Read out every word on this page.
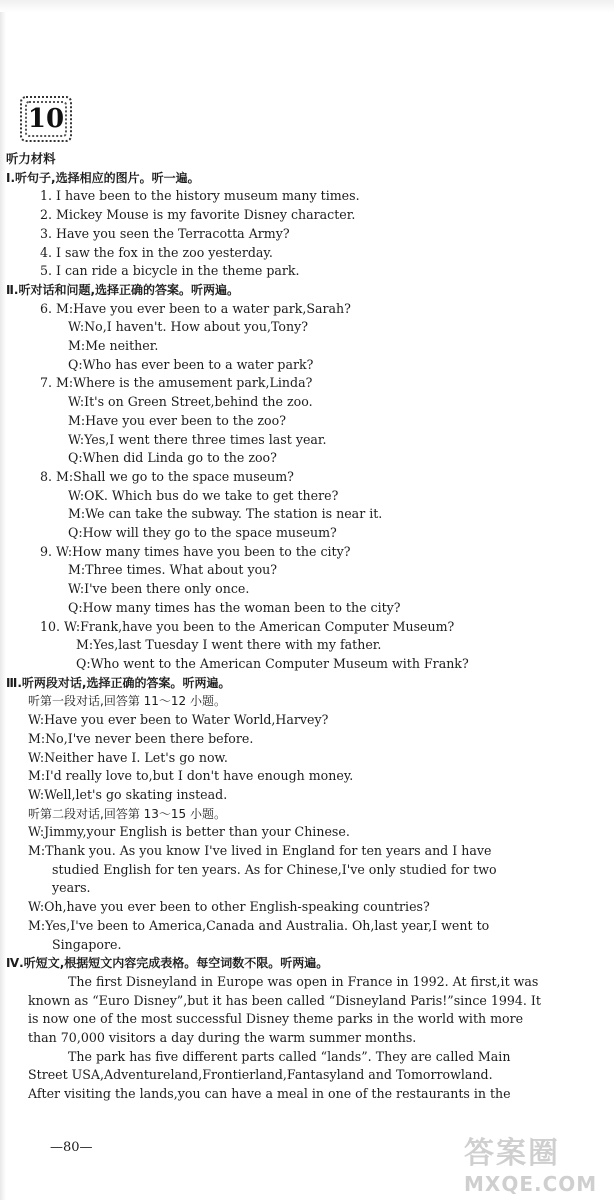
10
听力材料
Ⅰ.听句子,选择相应的图片。听一遍。
1. I have been to the history museum many times.
2. Mickey Mouse is my favorite Disney character.
3. Have you seen the Terracotta Army?
4. I saw the fox in the zoo yesterday.
5. I can ride a bicycle in the theme park.
Ⅱ.听对话和问题,选择正确的答案。听两遍。
6. M:Have you ever been to a water park,Sarah?
W:No,I haven't. How about you,Tony?
M:Me neither.
Q:Who has ever been to a water park?
7. M:Where is the amusement park,Linda?
W:It's on Green Street,behind the zoo.
M:Have you ever been to the zoo?
W:Yes,I went there three times last year.
Q:When did Linda go to the zoo?
8. M:Shall we go to the space museum?
W:OK. Which bus do we take to get there?
M:We can take the subway. The station is near it.
Q:How will they go to the space museum?
9. W:How many times have you been to the city?
M:Three times. What about you?
W:I've been there only once.
Q:How many times has the woman been to the city?
10. W:Frank,have you been to the American Computer Museum?
M:Yes,last Tuesday I went there with my father.
Q:Who went to the American Computer Museum with Frank?
Ⅲ.听两段对话,选择正确的答案。听两遍。
听第一段对话,回答第 11～12 小题。
W:Have you ever been to Water World,Harvey?
M:No,I've never been there before.
W:Neither have I. Let's go now.
M:I'd really love to,but I don't have enough money.
W:Well,let's go skating instead.
听第二段对话,回答第 13～15 小题。
W:Jimmy,your English is better than your Chinese.
M:Thank you. As you know I've lived in England for ten years and I have
studied English for ten years. As for Chinese,I've only studied for two
years.
W:Oh,have you ever been to other English-speaking countries?
M:Yes,I've been to America,Canada and Australia. Oh,last year,I went to
Singapore.
Ⅳ.听短文,根据短文内容完成表格。每空词数不限。听两遍。
The first Disneyland in Europe was open in France in 1992. At first,it was
known as “Euro Disney”,but it has been called “Disneyland Paris!”since 1994. It
is now one of the most successful Disney theme parks in the world with more
than 70,000 visitors a day during the warm summer months.
The park has five different parts called “lands”. They are called Main
Street USA,Adventureland,Frontierland,Fantasyland and Tomorrowland.
After visiting the lands,you can have a meal in one of the restaurants in the
—80—	答案圈
MXQE.COM
